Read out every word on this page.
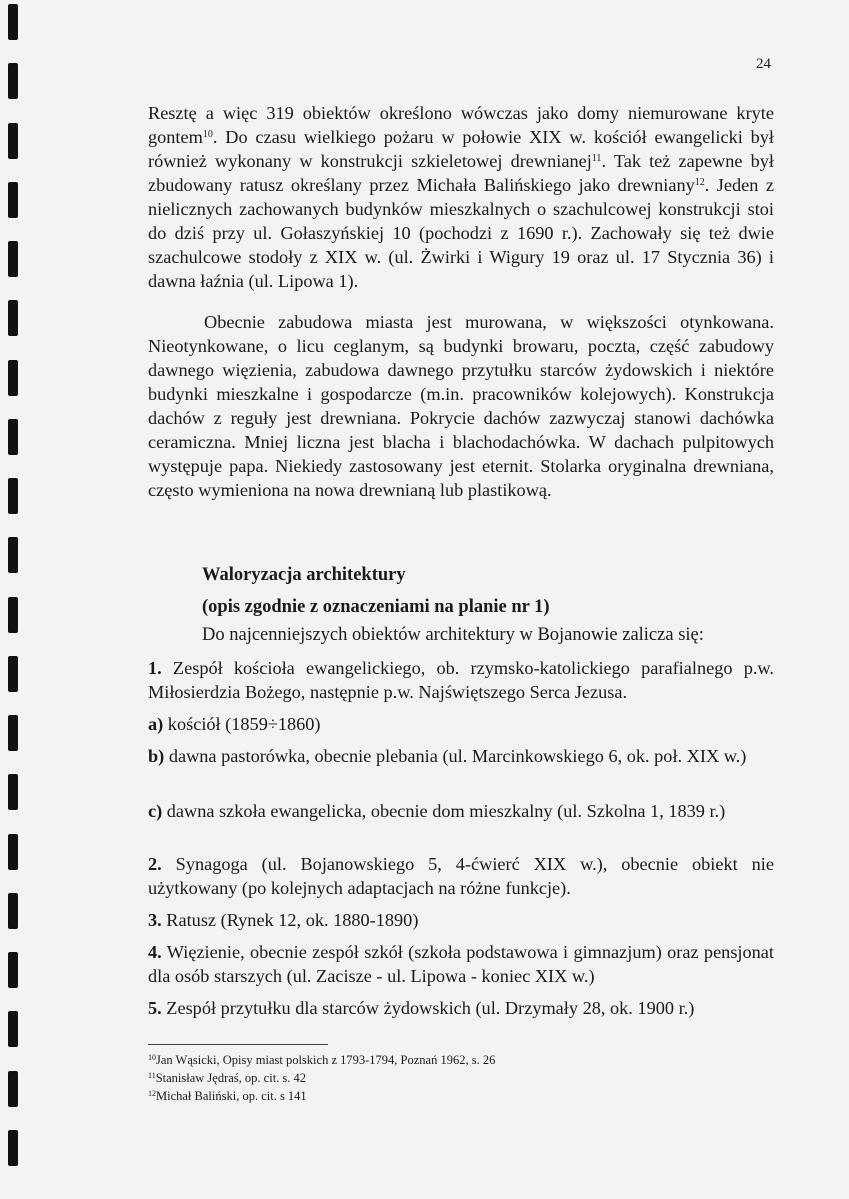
24

Resztę a więc 319 obiektów określono wówczas jako domy niemurowane kryte gontem$^{10}$. Do czasu wielkiego pożaru w połowie XIX w. kościół ewangelicki był również wykonany w konstrukcji szkieletowej drewnianej$^{11}$. Tak też zapewne był zbudowany ratusz określany przez Michała Balińskiego jako drewniany$^{12}$. Jeden z nielicznych zachowanych budynków mieszkalnych o szachulcowej konstrukcji stoi do dziś przy ul. Gołaszyńskiej 10 (pochodzi z 1690 r.). Zachowały się też dwie szachulcowe stodoły z XIX w. (ul. Żwirki i Wigury 19 oraz ul. 17 Stycznia 36) i dawna łaźnia (ul. Lipowa 1).

Obecnie zabudowa miasta jest murowana, w większości otynkowana. Nieotynkowane, o licu ceglanym, są budynki browaru, poczta, część zabudowy dawnego więzienia, zabudowa dawnego przytułku starców żydowskich i niektóre budynki mieszkalne i gospodarcze (m.in. pracowników kolejowych). Konstrukcja dachów z reguły jest drewniana. Pokrycie dachów zazwyczaj stanowi dachówka ceramiczna. Mniej liczna jest blacha i blachodachówka. W dachach pulpitowych występuje papa. Niekiedy zastosowany jest eternit. Stolarka oryginalna drewniana, często wymieniona na nowa drewnianą lub plastikową.

Waloryzacja architektury
(opis zgodnie z oznaczeniami na planie nr 1)
Do najcenniejszych obiektów architektury w Bojanowie zalicza się:
1. Zespół kościoła ewangelickiego, ob. rzymsko-katolickiego parafialnego p.w. Miłosierdzia Bożego, następnie p.w. Najświętszego Serca Jezusa.
a) kościół (1859÷1860)
b) dawna pastorówka, obecnie plebania (ul. Marcinkowskiego 6, ok. poł. XIX w.)
c) dawna szkoła ewangelicka, obecnie dom mieszkalny (ul. Szkolna 1, 1839 r.)
2. Synagoga (ul. Bojanowskiego 5, 4-ćwierć XIX w.), obecnie obiekt nie użytkowany (po kolejnych adaptacjach na różne funkcje).
3. Ratusz (Rynek 12, ok. 1880-1890)
4. Więzienie, obecnie zespół szkół (szkoła podstawowa i gimnazjum) oraz pensjonat dla osób starszych (ul. Zacisze - ul. Lipowa - koniec XIX w.)
5. Zespół przytułku dla starców żydowskich (ul. Drzymały 28, ok. 1900 r.)
$^{10}$Jan Wąsicki, Opisy miast polskich z 1793-1794, Poznań 1962, s. 26
$^{11}$Stanisław Jędraś, op. cit. s. 42
$^{12}$Michał Baliński, op. cit. s 141
